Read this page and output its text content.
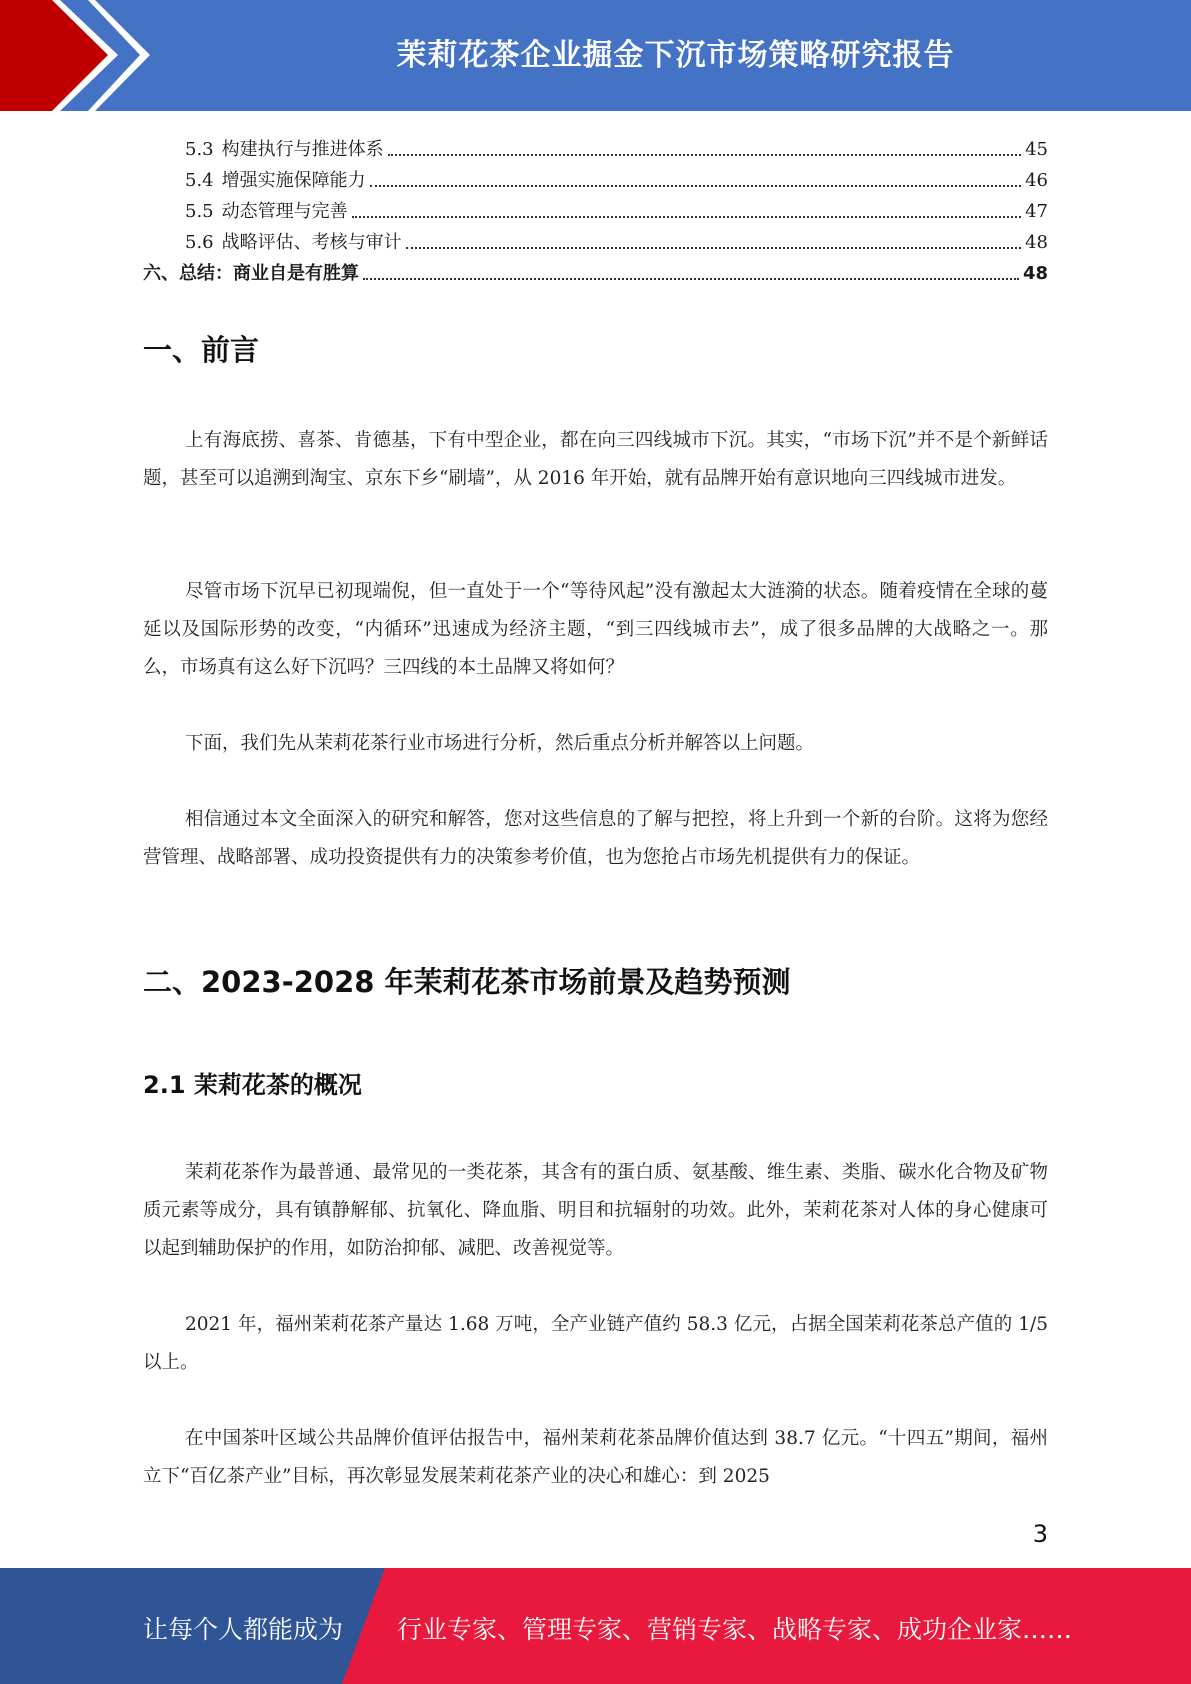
茉莉花茶企业掘金下沉市场策略研究报告
5.3 构建执行与推进体系	45
5.4 增强实施保障能力	46
5.5 动态管理与完善	47
5.6 战略评估、考核与审计	48
六、总结：商业自是有胜算	48
一、前言

上有海底捞、喜茶、肯德基，下有中型企业，都在向三四线城市下沉。其实，“市场下沉”并不是个新鲜话题，甚至可以追溯到淘宝、京东下乡“刷墙”，从 2016 年开始，就有品牌开始有意识地向三四线城市进发。

尽管市场下沉早已初现端倪，但一直处于一个“等待风起”没有激起太大涟漪的状态。随着疫情在全球的蔓延以及国际形势的改变，“内循环”迅速成为经济主题，“到三四线城市去”，成了很多品牌的大战略之一。那么，市场真有这么好下沉吗？三四线的本土品牌又将如何？

下面，我们先从茉莉花茶行业市场进行分析，然后重点分析并解答以上问题。

相信通过本文全面深入的研究和解答，您对这些信息的了解与把控，将上升到一个新的台阶。这将为您经营管理、战略部署、成功投资提供有力的决策参考价值，也为您抢占市场先机提供有力的保证。

二、2023-2028 年茉莉花茶市场前景及趋势预测
2.1 茉莉花茶的概况

茉莉花茶作为最普通、最常见的一类花茶，其含有的蛋白质、氨基酸、维生素、类脂、碳水化合物及矿物质元素等成分，具有镇静解郁、抗氧化、降血脂、明目和抗辐射的功效。此外，茉莉花茶对人体的身心健康可以起到辅助保护的作用，如防治抑郁、减肥、改善视觉等。

2021 年，福州茉莉花茶产量达 1.68 万吨，全产业链产值约 58.3 亿元，占据全国茉莉花茶总产值的 1/5 以上。

在中国茶叶区域公共品牌价值评估报告中，福州茉莉花茶品牌价值达到 38.7 亿元。“十四五”期间，福州立下“百亿茶产业”目标，再次彰显发展茉莉花茶产业的决心和雄心：到 2025

3
让每个人都能成为 行业专家、管理专家、营销专家、战略专家、成功企业家……
